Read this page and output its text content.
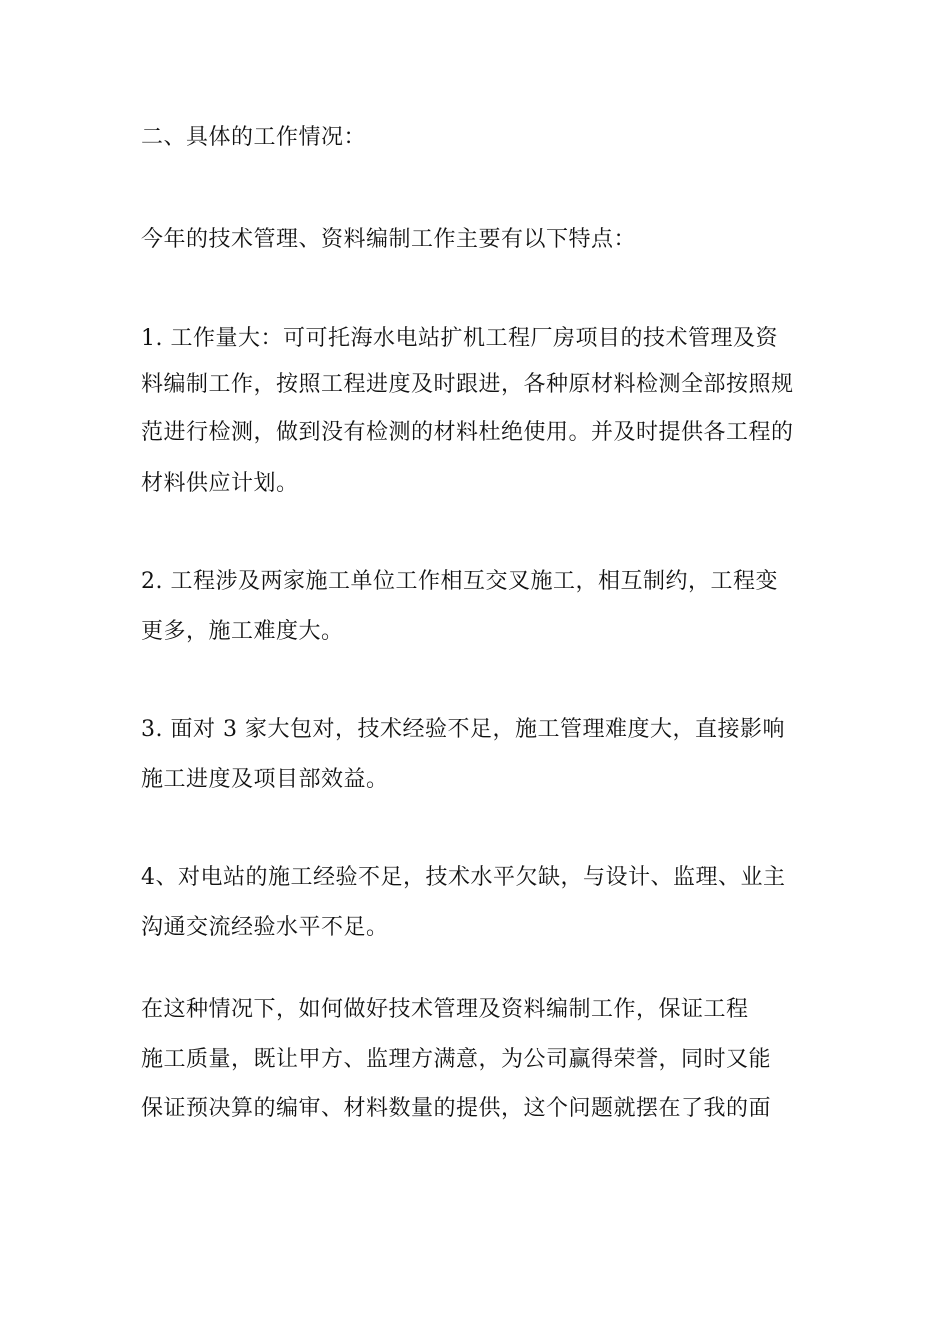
二、具体的工作情况：
今年的技术管理、资料编制工作主要有以下特点：
1. 工作量大：可可托海水电站扩机工程厂房项目的技术管理及资
料编制工作，按照工程进度及时跟进，各种原材料检测全部按照规
范进行检测，做到没有检测的材料杜绝使用。并及时提供各工程的
材料供应计划。
2. 工程涉及两家施工单位工作相互交叉施工，相互制约，工程变
更多，施工难度大。
3. 面对 3 家大包对，技术经验不足，施工管理难度大，直接影响
施工进度及项目部效益。
4、对电站的施工经验不足，技术水平欠缺，与设计、监理、业主
沟通交流经验水平不足。
在这种情况下，如何做好技术管理及资料编制工作，保证工程
施工质量，既让甲方、监理方满意，为公司赢得荣誉，同时又能
保证预决算的编审、材料数量的提供，这个问题就摆在了我的面
